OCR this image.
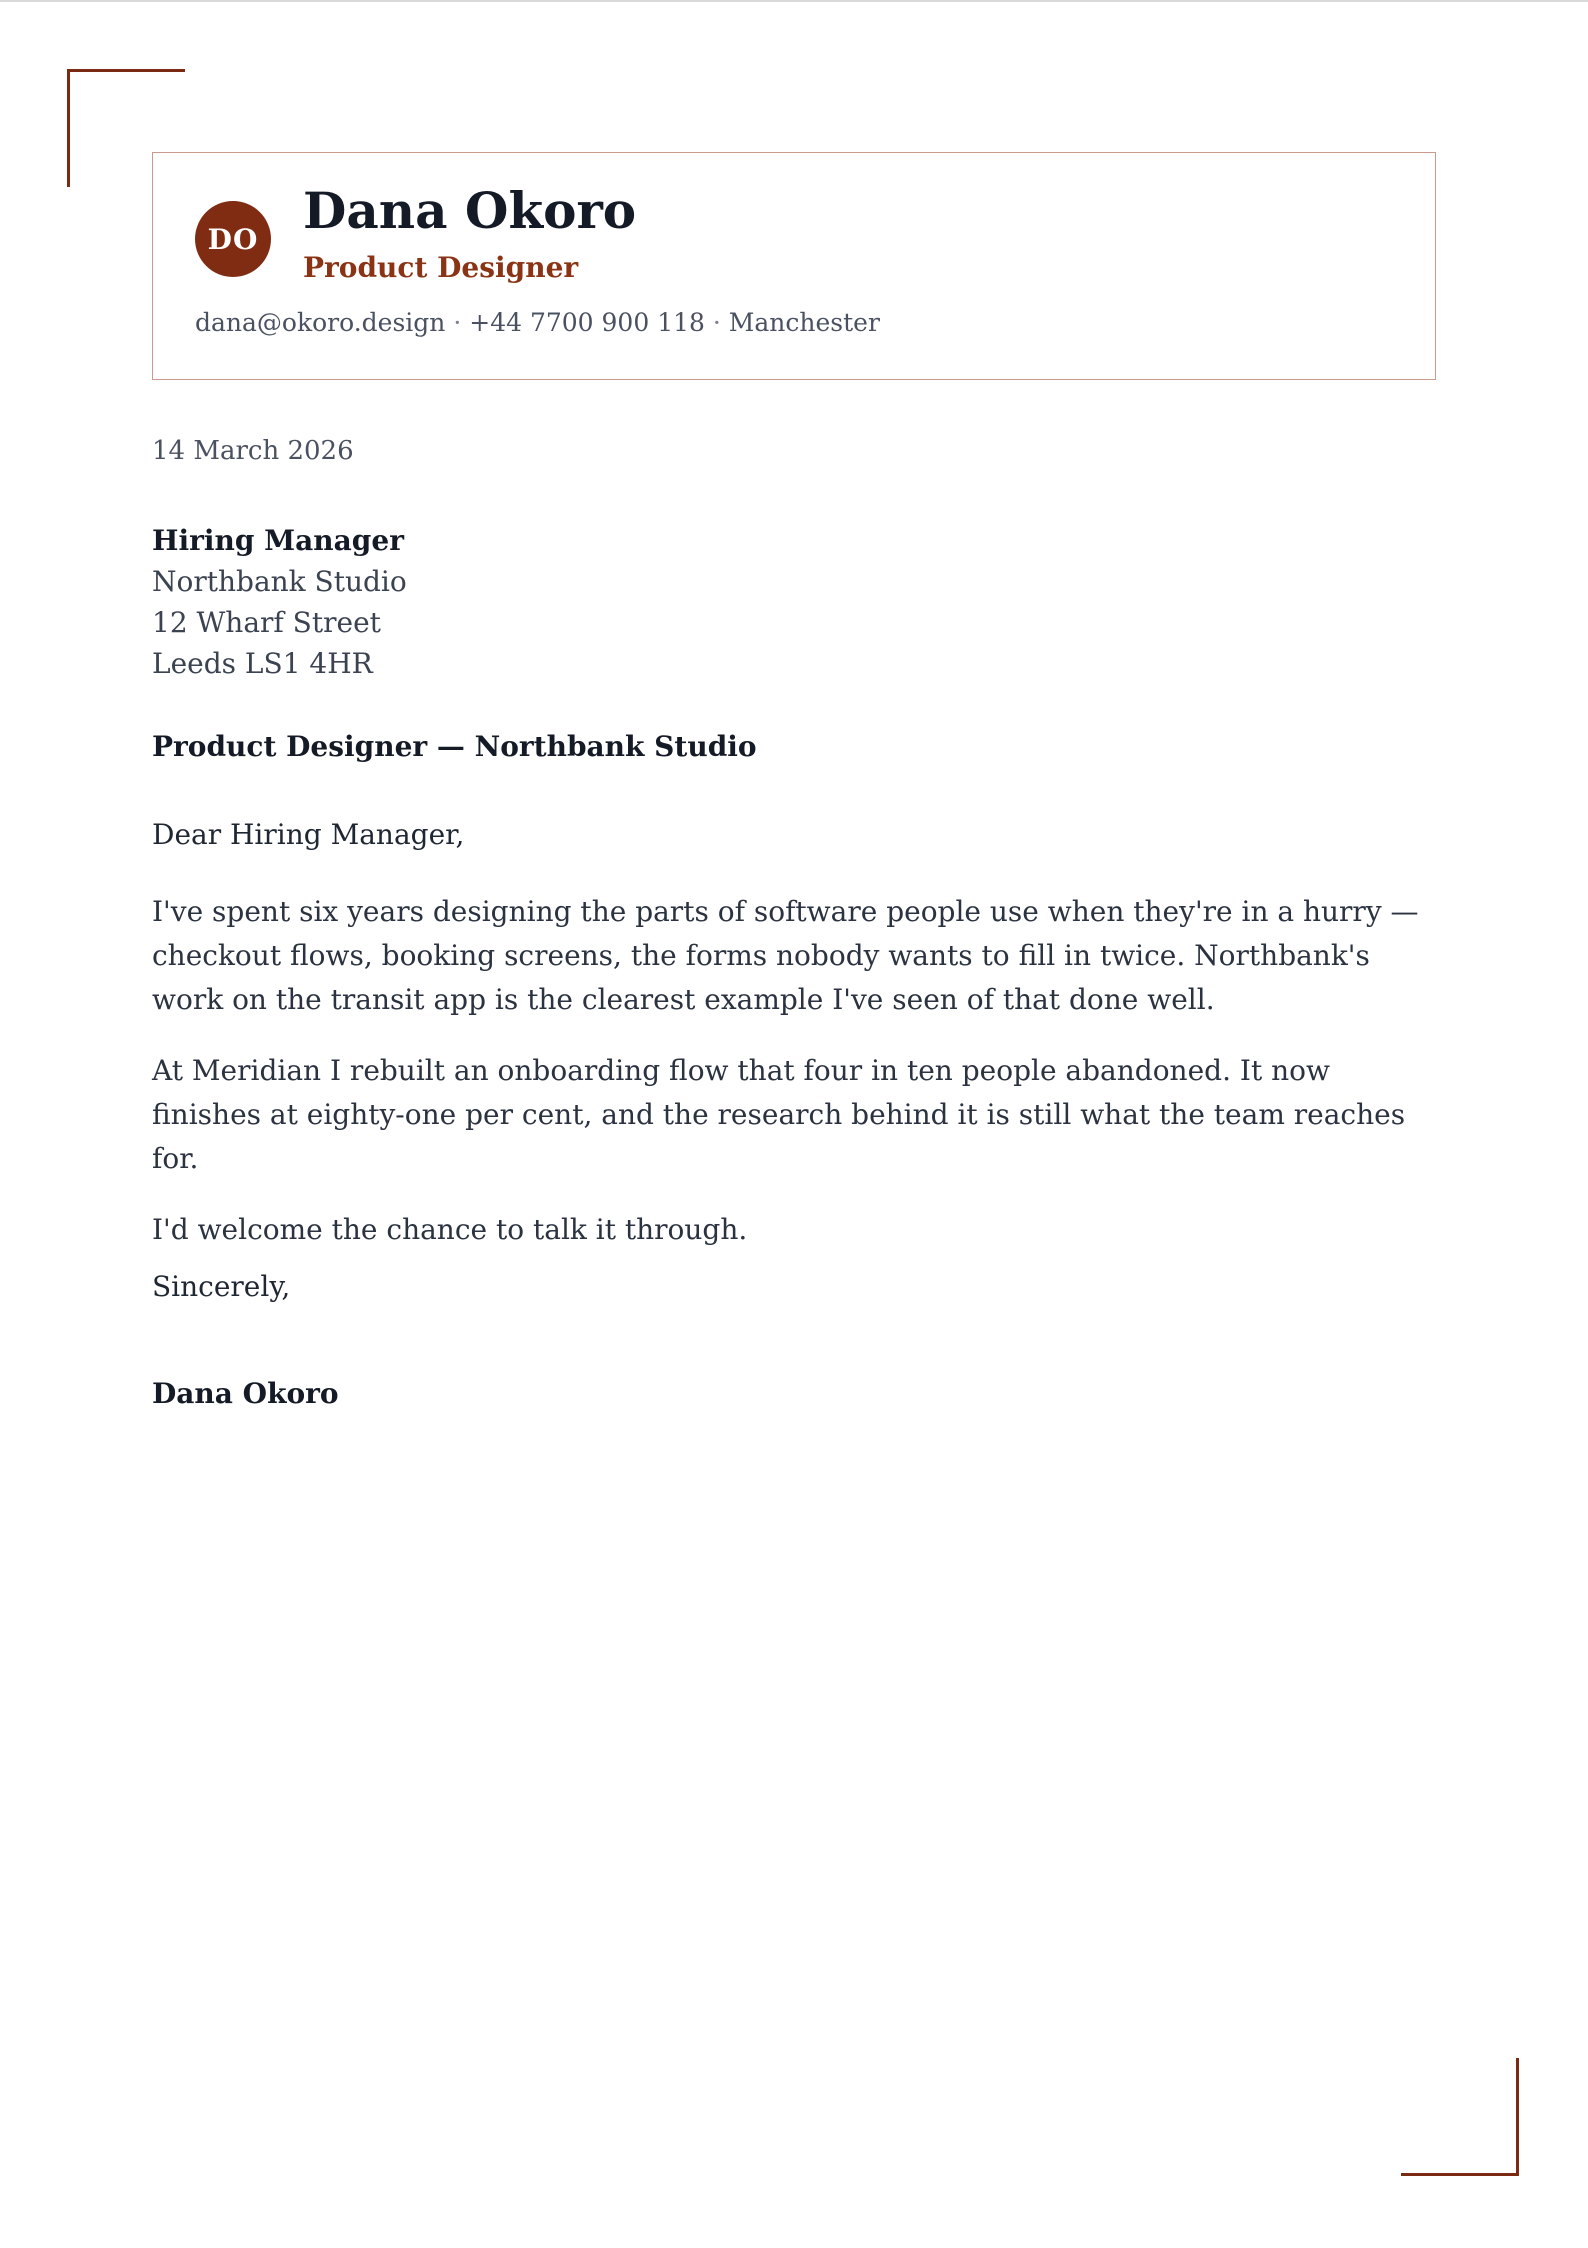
DO Dana Okoro
Product Designer
dana@okoro.design · +44 7700 900 118 · Manchester
14 March 2026
Hiring Manager
Northbank Studio
12 Wharf Street
Leeds LS1 4HR
Product Designer — Northbank Studio
Dear Hiring Manager,

I've spent six years designing the parts of software people use when they're in a hurry — checkout flows, booking screens, the forms nobody wants to fill in twice. Northbank's work on the transit app is the clearest example I've seen of that done well.

At Meridian I rebuilt an onboarding flow that four in ten people abandoned. It now finishes at eighty-one per cent, and the research behind it is still what the team reaches for.

I'd welcome the chance to talk it through.

Sincerely,
Dana Okoro
